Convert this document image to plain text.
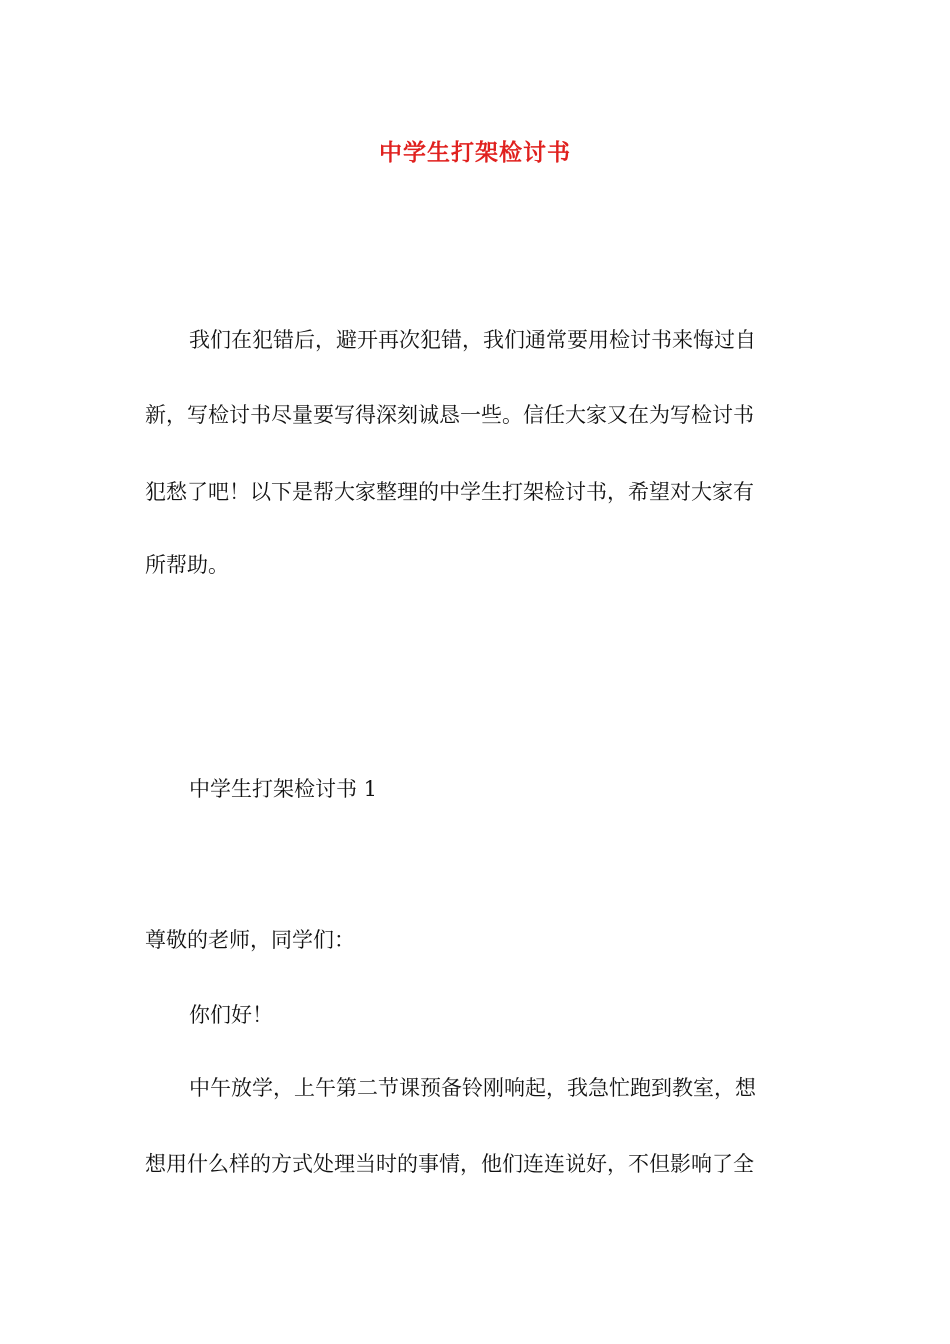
中学生打架检讨书
我们在犯错后，避开再次犯错，我们通常要用检讨书来悔过自
新，写检讨书尽量要写得深刻诚恳一些。信任大家又在为写检讨书
犯愁了吧！以下是帮大家整理的中学生打架检讨书，希望对大家有
所帮助。
中学生打架检讨书 1
尊敬的老师，同学们：
你们好！
中午放学，上午第二节课预备铃刚响起，我急忙跑到教室，想
想用什么样的方式处理当时的事情，他们连连说好，不但影响了全
